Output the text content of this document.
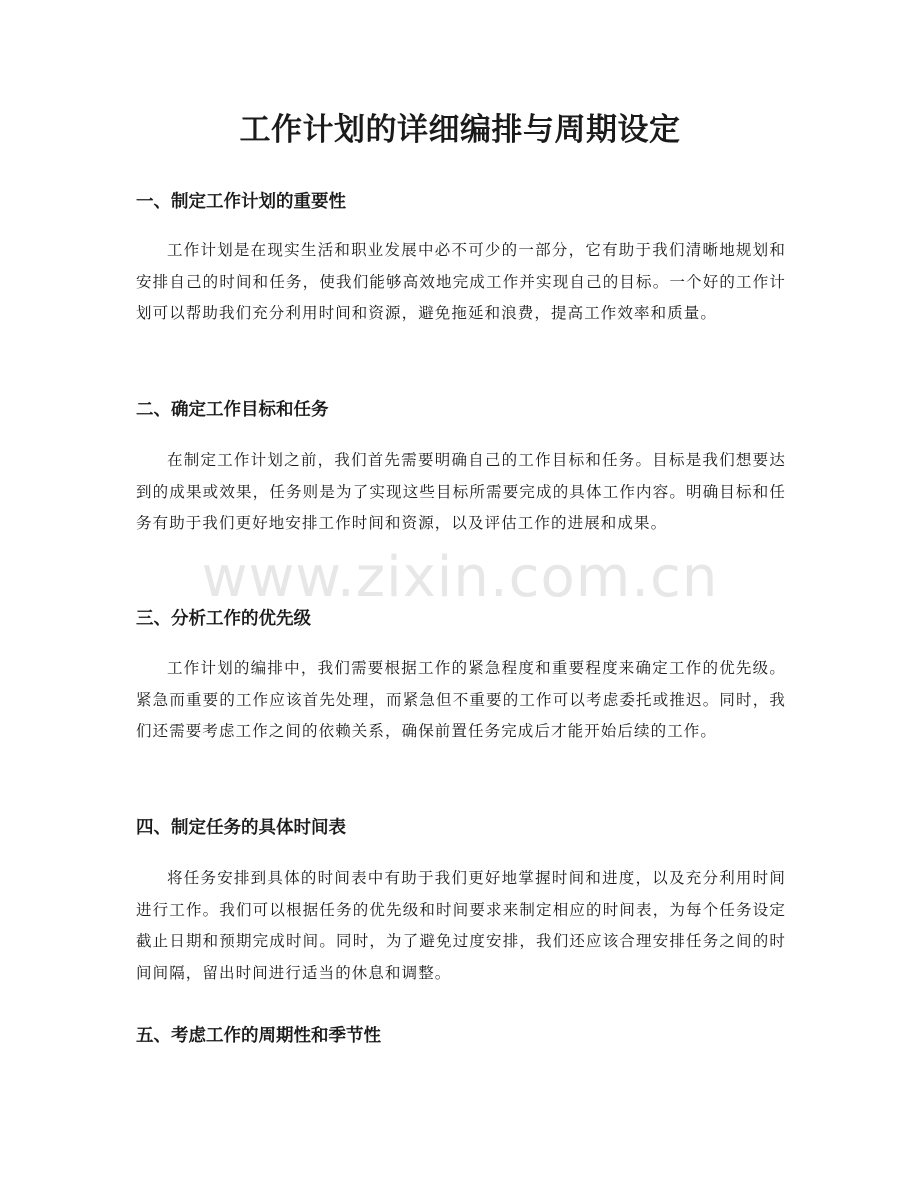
工作计划的详细编排与周期设定
一、制定工作计划的重要性

工作计划是在现实生活和职业发展中必不可少的一部分，它有助于我们清晰地规划和安排自己的时间和任务，使我们能够高效地完成工作并实现自己的目标。一个好的工作计划可以帮助我们充分利用时间和资源，避免拖延和浪费，提高工作效率和质量。

二、确定工作目标和任务

在制定工作计划之前，我们首先需要明确自己的工作目标和任务。目标是我们想要达到的成果或效果，任务则是为了实现这些目标所需要完成的具体工作内容。明确目标和任务有助于我们更好地安排工作时间和资源，以及评估工作的进展和成果。

三、分析工作的优先级

工作计划的编排中，我们需要根据工作的紧急程度和重要程度来确定工作的优先级。紧急而重要的工作应该首先处理，而紧急但不重要的工作可以考虑委托或推迟。同时，我们还需要考虑工作之间的依赖关系，确保前置任务完成后才能开始后续的工作。

四、制定任务的具体时间表

将任务安排到具体的时间表中有助于我们更好地掌握时间和进度，以及充分利用时间进行工作。我们可以根据任务的优先级和时间要求来制定相应的时间表，为每个任务设定截止日期和预期完成时间。同时，为了避免过度安排，我们还应该合理安排任务之间的时间间隔，留出时间进行适当的休息和调整。

五、考虑工作的周期性和季节性
www.zixin.com.cn
